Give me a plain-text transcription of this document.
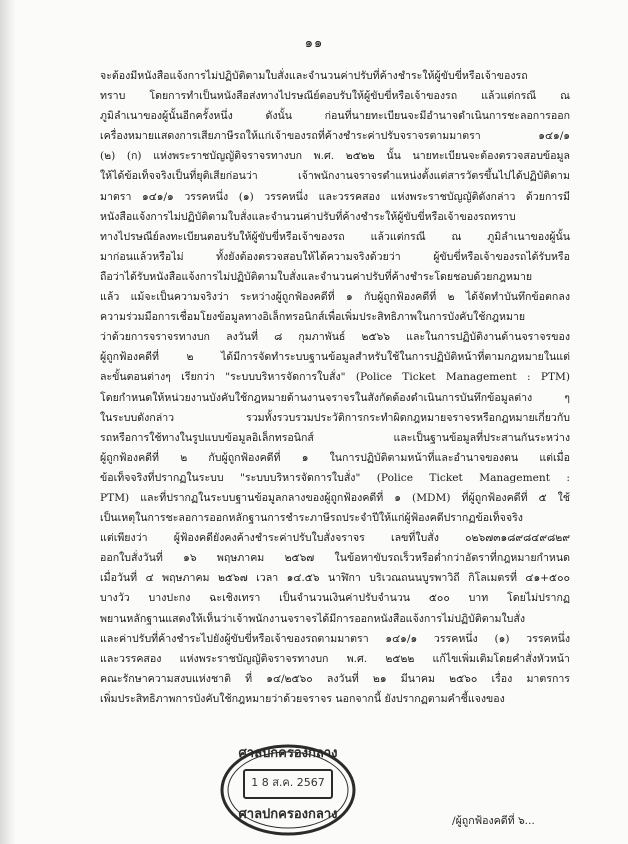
๑๑
จะต้องมีหนังสือแจ้งการไม่ปฏิบัติตามใบสั่งและจำนวนค่าปรับที่ค้างชำระให้ผู้ขับขี่หรือเจ้าของรถ
ทราบ โดยการทำเป็นหนังสือส่งทางไปรษณีย์ตอบรับให้ผู้ขับขี่หรือเจ้าของรถ แล้วแต่กรณี ณ
ภูมิลำเนาของผู้นั้นอีกครั้งหนึ่ง ดังนั้น ก่อนที่นายทะเบียนจะมีอำนาจดำเนินการชะลอการออก
เครื่องหมายแสดงการเสียภาษีรถให้แก่เจ้าของรถที่ค้างชำระค่าปรับจราจรตามมาตรา ๑๔๑/๑
(๒) (ก) แห่งพระราชบัญญัติจราจรทางบก พ.ศ. ๒๕๒๒ นั้น นายทะเบียนจะต้องตรวจสอบข้อมูล
ให้ได้ข้อเท็จจริงเป็นที่ยุติเสียก่อนว่า เจ้าพนักงานจราจรตำแหน่งตั้งแต่สารวัตรขึ้นไปได้ปฏิบัติตาม
มาตรา ๑๔๑/๑ วรรคหนึ่ง (๑) วรรคหนึ่ง และวรรคสอง แห่งพระราชบัญญัติดังกล่าว ด้วยการมี
หนังสือแจ้งการไม่ปฏิบัติตามใบสั่งและจำนวนค่าปรับที่ค้างชำระให้ผู้ขับขี่หรือเจ้าของรถทราบ
ทางไปรษณีย์ลงทะเบียนตอบรับให้ผู้ขับขี่หรือเจ้าของรถ แล้วแต่กรณี ณ ภูมิลำเนาของผู้นั้น
มาก่อนแล้วหรือไม่ ทั้งยังต้องตรวจสอบให้ได้ความจริงด้วยว่า ผู้ขับขี่หรือเจ้าของรถได้รับหรือ
ถือว่าได้รับหนังสือแจ้งการไม่ปฏิบัติตามใบสั่งและจำนวนค่าปรับที่ค้างชำระโดยชอบด้วยกฎหมาย
แล้ว แม้จะเป็นความจริงว่า ระหว่างผู้ถูกฟ้องคดีที่ ๑ กับผู้ถูกฟ้องคดีที่ ๒ ได้จัดทำบันทึกข้อตกลง
ความร่วมมือการเชื่อมโยงข้อมูลทางอิเล็กทรอนิกส์เพื่อเพิ่มประสิทธิภาพในการบังคับใช้กฎหมาย
ว่าด้วยการจราจรทางบก ลงวันที่ ๘ กุมภาพันธ์ ๒๕๖๖ และในการปฏิบัติงานด้านจราจรของ
ผู้ถูกฟ้องคดีที่ ๒ ได้มีการจัดทำระบบฐานข้อมูลสำหรับใช้ในการปฏิบัติหน้าที่ตามกฎหมายในแต่
ละขั้นตอนต่างๆ เรียกว่า "ระบบบริหารจัดการใบสั่ง" (Police Ticket Management : PTM)
โดยกำหนดให้หน่วยงานบังคับใช้กฎหมายด้านงานจราจรในสังกัดต้องดำเนินการบันทึกข้อมูลต่าง ๆ
ในระบบดังกล่าว รวมทั้งรวบรวมประวัติการกระทำผิดกฎหมายจราจรหรือกฎหมายเกี่ยวกับ
รถหรือการใช้ทางในรูปแบบข้อมูลอิเล็กทรอนิกส์ และเป็นฐานข้อมูลที่ประสานกันระหว่าง
ผู้ถูกฟ้องคดีที่ ๒ กับผู้ถูกฟ้องคดีที่ ๑ ในการปฏิบัติตามหน้าที่และอำนาจของตน แต่เมื่อ
ข้อเท็จจริงที่ปรากฏในระบบ "ระบบบริหารจัดการใบสั่ง" (Police Ticket Management :
PTM) และที่ปรากฏในระบบฐานข้อมูลกลางของผู้ถูกฟ้องคดีที่ ๑ (MDM) ที่ผู้ถูกฟ้องคดีที่ ๕ ใช้
เป็นเหตุในการชะลอการออกหลักฐานการชำระภาษีรถประจำปีให้แก่ผู้ฟ้องคดีปรากฏข้อเท็จจริง
แต่เพียงว่า ผู้ฟ้องคดียังคงค้างชำระค่าปรับใบสั่งจราจร เลขที่ใบสั่ง ๐๒๖๗๓๑๘๙๘๔๙๘๒๙
ออกใบสั่งวันที่ ๑๖ พฤษภาคม ๒๕๖๗ ในข้อหาขับรถเร็วหรือต่ำกว่าอัตราที่กฎหมายกำหนด
เมื่อวันที่ ๔ พฤษภาคม ๒๕๖๗ เวลา ๑๔.๕๖ นาฬิกา บริเวณถนนบูรพาวิถี กิโลเมตรที่ ๔๑+๕๐๐
บางวัว บางปะกง ฉะเชิงเทรา เป็นจำนวนเงินค่าปรับจำนวน ๕๐๐ บาท โดยไม่ปรากฏ
พยานหลักฐานแสดงให้เห็นว่าเจ้าพนักงานจราจรได้มีการออกหนังสือแจ้งการไม่ปฏิบัติตามใบสั่ง
และค่าปรับที่ค้างชำระไปยังผู้ขับขี่หรือเจ้าของรถตามมาตรา ๑๔๑/๑ วรรคหนึ่ง (๑) วรรคหนึ่ง
และวรรคสอง แห่งพระราชบัญญัติจราจรทางบก พ.ศ. ๒๕๒๒ แก้ไขเพิ่มเติมโดยคำสั่งหัวหน้า
คณะรักษาความสงบแห่งชาติ ที่ ๑๔/๒๕๖๐ ลงวันที่ ๒๑ มีนาคม ๒๕๖๐ เรื่อง มาตรการ
เพิ่มประสิทธิภาพการบังคับใช้กฎหมายว่าด้วยจราจร นอกจากนี้ ยังปรากฏตามคำชี้แจงของ
ศาลปกครองกลาง
1 8 ส.ค. 2567
ศาลปกครองกลาง	/ผู้ถูกฟ้องคดีที่ ๖...
